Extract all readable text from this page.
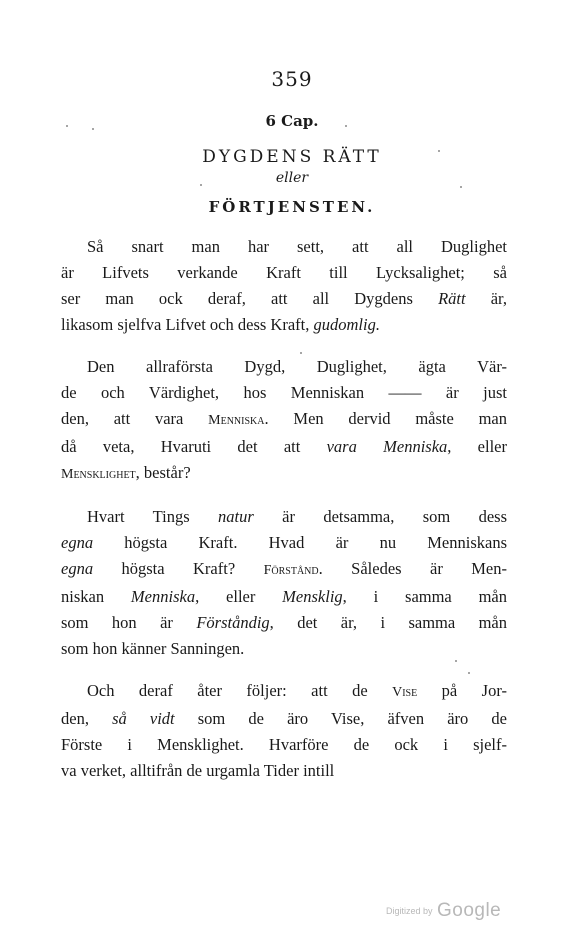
359
6 Cap.
DYGDENS RÄTT
eller
FÖRTJENSTEN.
Så snart man har sett, att all Duglighet
är Lifvets verkande Kraft till Lycksalighet; så
ser man ock deraf, att all Dygdens Rätt är,
likasom sjelfva Lifvet och dess Kraft, gudomlig.
Den allraförsta Dygd, Duglighet, ägta Vär-
de och Värdighet, hos Menniskan —— är just
den, att vara Menniska. Men dervid måste man
då veta, Hvaruti det att vara Menniska, eller
Mensklighet, består?
Hvart Tings natur är detsamma, som dess
egna högsta Kraft. Hvad är nu Menniskans
egna högsta Kraft? Förstånd. Således är Men-
niskan Menniska, eller Mensklig, i samma mån
som hon är Förståndig, det är, i samma mån
som hon känner Sanningen.
Och deraf åter följer: att de Vise på Jor-
den, så vidt som de äro Vise, äfven äro de
Förste i Mensklighet. Hvarföre de ock i sjelf-
va verket, alltifrån de urgamla Tider intill
Digitized by Google
